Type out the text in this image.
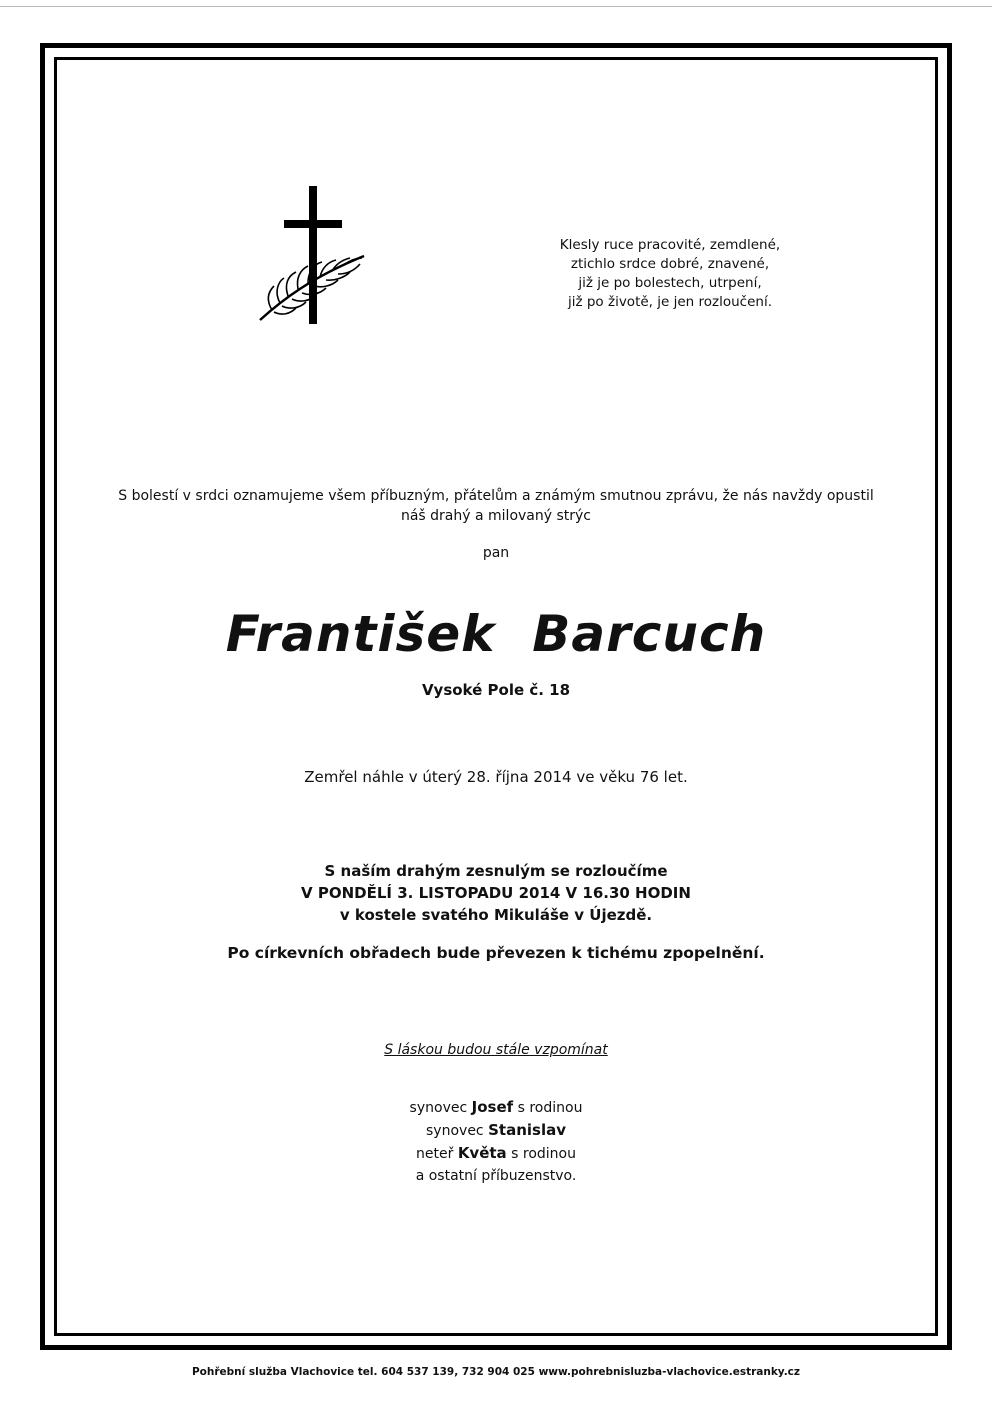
Klesly ruce pracovité, zemdlené,
ztichlo srdce dobré, znavené,
již je po bolestech, utrpení,
již po životě, je jen rozloučení.
S bolestí v srdci oznamujeme všem příbuzným, přátelům a známým smutnou zprávu, že nás navždy opustil
náš drahý a milovaný strýc
pan
František  Barcuch
Vysoké Pole č. 18
Zemřel náhle v úterý 28. října 2014 ve věku 76 let.
S naším drahým zesnulým se rozloučíme
V PONDĚLÍ 3. LISTOPADU 2014 V 16.30 HODIN
v kostele svatého Mikuláše v Újezdě.
Po církevních obřadech bude převezen k tichému zpopelnění.
S láskou budou stále vzpomínat
synovec Josef s rodinou
synovec Stanislav
neteř Květa s rodinou
a ostatní příbuzenstvo.
Pohřební služba Vlachovice tel. 604 537 139, 732 904 025 www.pohrebnisluzba-vlachovice.estranky.cz
